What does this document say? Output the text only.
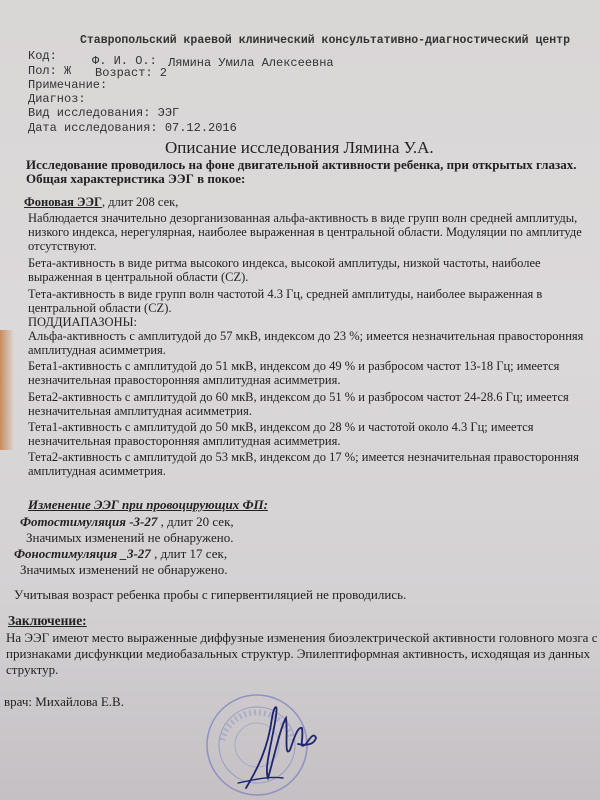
Ставропольский краевой клинический консультативно-диагностический центр
Код:	Ф. И. О.: Лямина Умила Алексеевна
Пол: Ж Возраст: 2
Примечание:
Диагноз:
Вид исследования: ЭЭГ
Дата исследования: 07.12.2016
Описание исследования Лямина У.А.
Исследование проводилось на фоне двигательной активности ребенка, при открытых глазах.
Общая характеристика ЭЭГ в покое:
Фоновая ЭЭГ, длит 208 сек,
Наблюдается значительно дезорганизованная альфа-активность в виде групп волн средней амплитуды,
низкого индекса, нерегулярная, наиболее выраженная в центральной области. Модуляции по амплитуде
отсутствуют.
Бета-активность в виде ритма высокого индекса, высокой амплитуды, низкой частоты, наиболее
выраженная в центральной области (CZ).
Тета-активность в виде групп волн частотой 4.3 Гц, средней амплитуды, наиболее выраженная в
центральной области (CZ).
ПОДДИАПАЗОНЫ:
Альфа-активность с амплитудой до 57 мкВ, индексом до 23 %; имеется незначительная правосторонняя
амплитудная асимметрия.
Бета1-активность с амплитудой до 51 мкВ, индексом до 49 % и разбросом частот 13-18 Гц; имеется
незначительная правосторонняя амплитудная асимметрия.
Бета2-активность с амплитудой до 60 мкВ, индексом до 51 % и разбросом частот 24-28.6 Гц; имеется
незначительная амплитудная асимметрия.
Тета1-активность с амплитудой до 50 мкВ, индексом до 28 % и частотой около 4.3 Гц; имеется
незначительная правосторонняя амплитудная асимметрия.
Тета2-активность с амплитудой до 53 мкВ, индексом до 17 %; имеется незначительная правосторонняя
амплитудная асимметрия.
Изменение ЭЭГ при провоцирующих ФП:
Фотостимуляция -3-27 , длит 20 сек,
Значимых изменений не обнаружено.
Фоностимуляция _3-27 , длит 17 сек,
Значимых изменений не обнаружено.
Учитывая возраст ребенка пробы с гипервентиляцией не проводились.
Заключение:
На ЭЭГ имеют место выраженные диффузные изменения биоэлектрической активности головного мозга с
признаками дисфункции медиобазальных структур. Эпилептиформная активность, исходящая из данных
структур.
врач: Михайлова Е.В.
